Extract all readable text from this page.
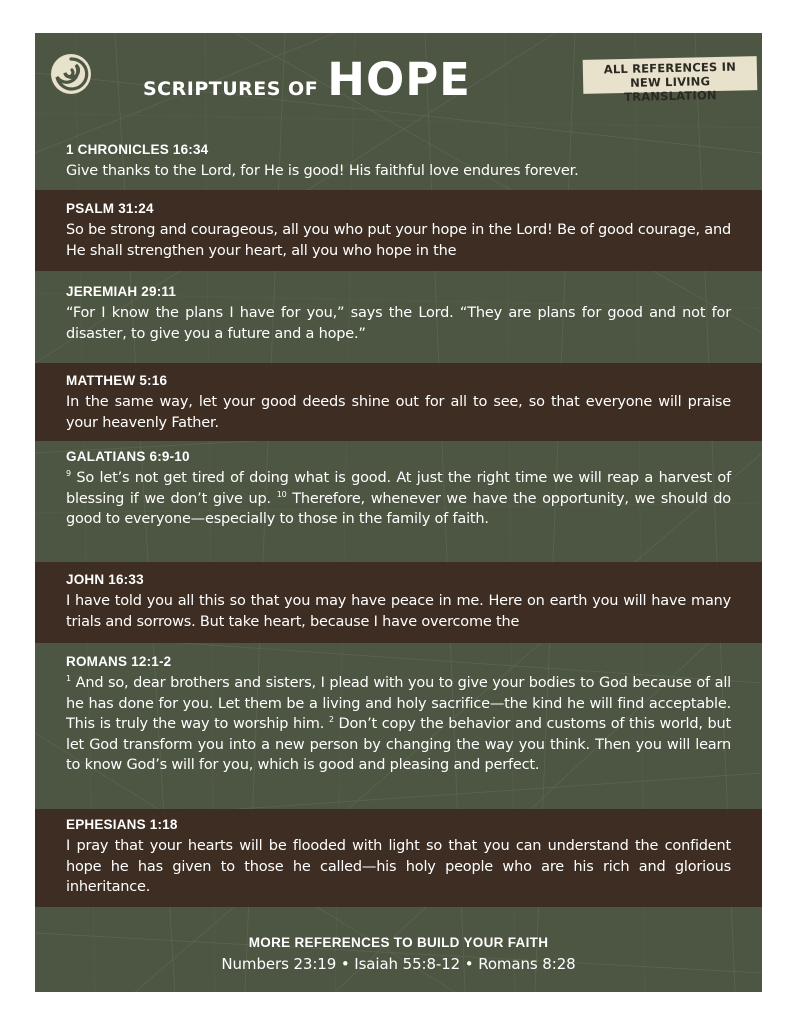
SCRIPTURES OF HOPE	ALL REFERENCES IN
NEW LIVING TRANSLATION
1 CHRONICLES 16:34
Give thanks to the Lord, for He is good! His faithful love endures forever.
PSALM 31:24
So be strong and courageous, all you who put your hope in the Lord! Be of good courage, and He shall strengthen your heart, all you who hope in the
JEREMIAH 29:11
“For I know the plans I have for you,” says the Lord. “They are plans for good and not for disaster, to give you a future and a hope.”
MATTHEW 5:16
In the same way, let your good deeds shine out for all to see, so that everyone will praise your heavenly Father.
GALATIANS 6:9-10
$^9$ So let’s not get tired of doing what is good. At just the right time we will reap a harvest of blessing if we don’t give up. $^{10}$ Therefore, whenever we have the opportunity, we should do good to everyone—especially to those in the family of faith.
JOHN 16:33
I have told you all this so that you may have peace in me. Here on earth you will have many trials and sorrows. But take heart, because I have overcome the
ROMANS 12:1-2
$^1$ And so, dear brothers and sisters, I plead with you to give your bodies to God because of all he has done for you. Let them be a living and holy sacrifice—the kind he will find acceptable. This is truly the way to worship him. $^2$ Don’t copy the behavior and customs of this world, but let God transform you into a new person by changing the way you think. Then you will learn to know God’s will for you, which is good and pleasing and perfect.
EPHESIANS 1:18
I pray that your hearts will be flooded with light so that you can understand the confident hope he has given to those he called—his holy people who are his rich and glorious inheritance.
MORE REFERENCES TO BUILD YOUR FAITH
Numbers 23:19 • Isaiah 55:8-12 • Romans 8:28
